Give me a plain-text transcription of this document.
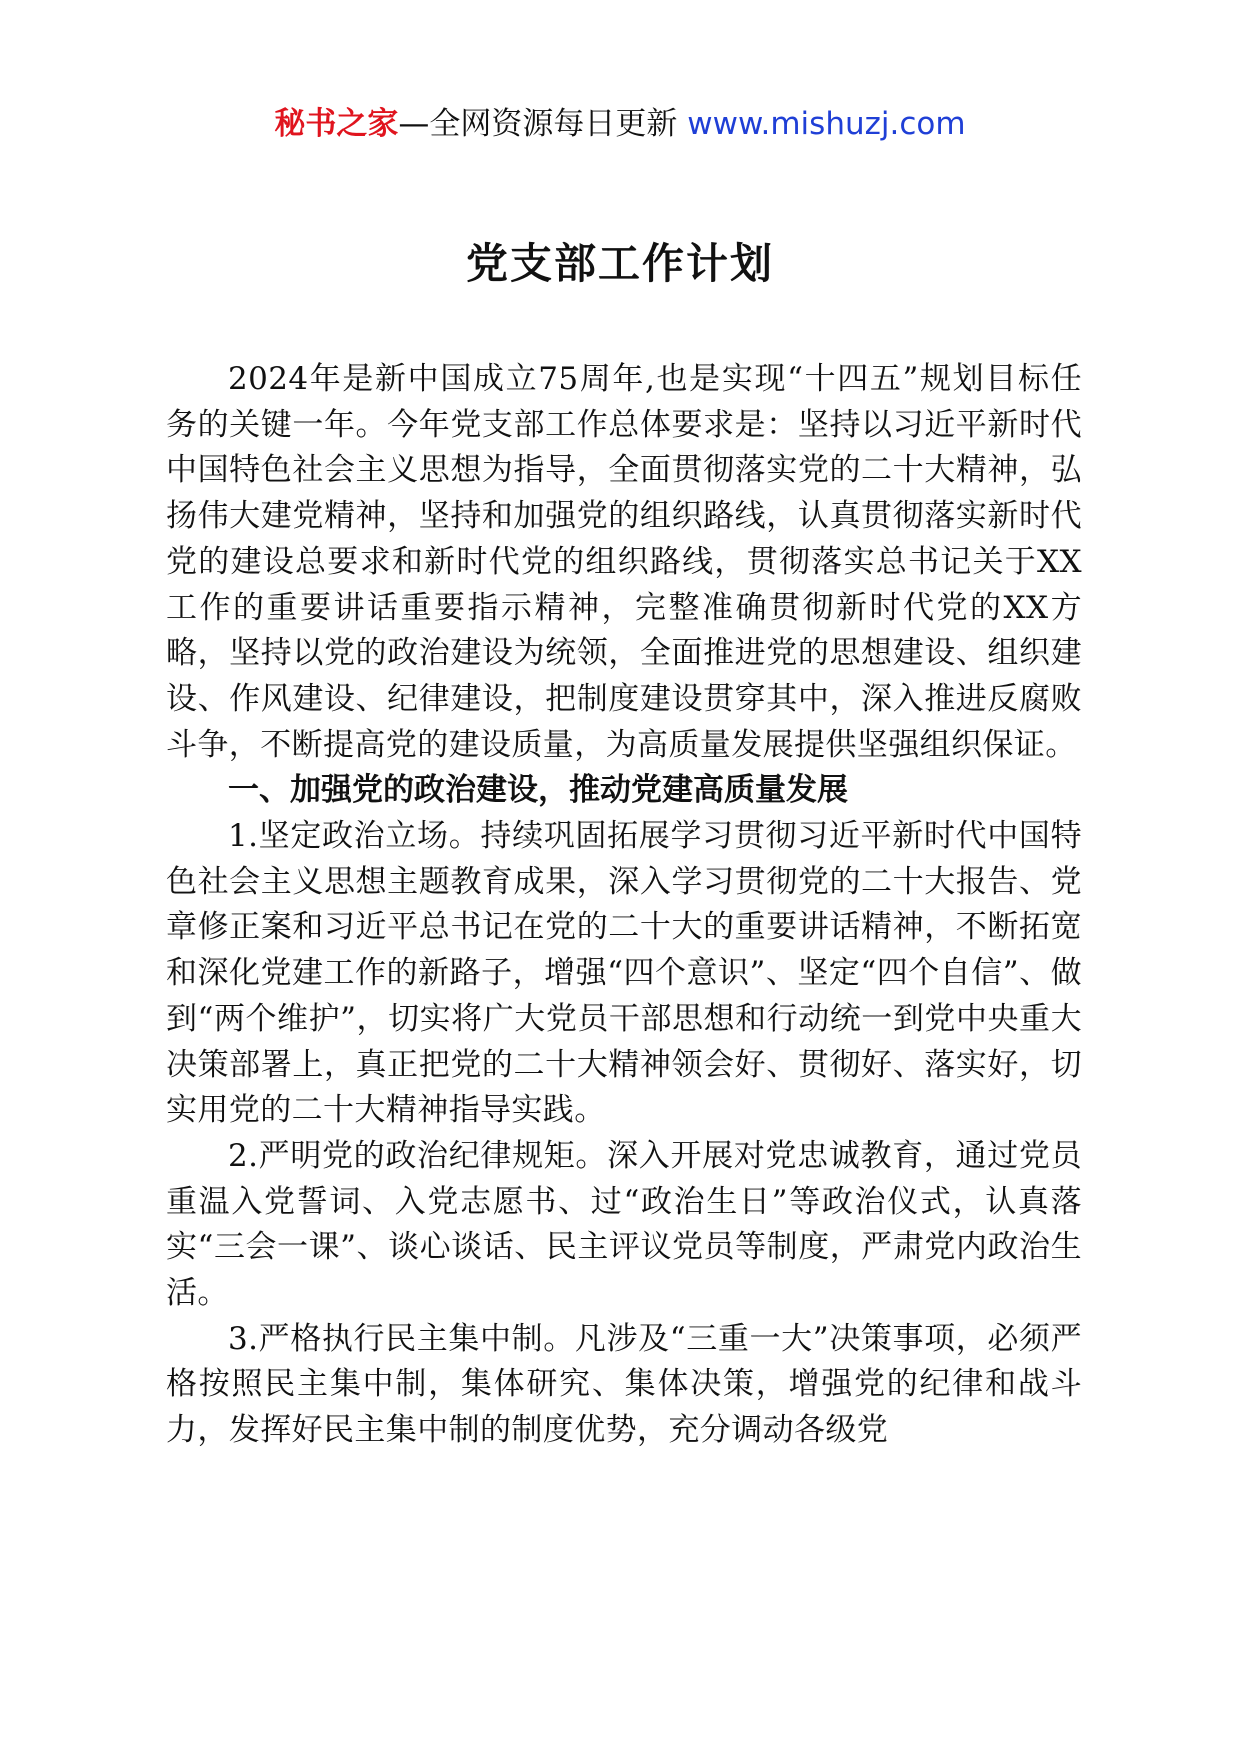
秘书之家—全网资源每日更新 www.mishuzj.com
党支部工作计划

2024年是新中国成立75周年,也是实现“十四五”规划目标任务的关键一年。今年党支部工作总体要求是：坚持以习近平新时代中国特色社会主义思想为指导，全面贯彻落实党的二十大精神，弘扬伟大建党精神，坚持和加强党的组织路线，认真贯彻落实新时代党的建设总要求和新时代党的组织路线，贯彻落实总书记关于XX工作的重要讲话重要指示精神，完整准确贯彻新时代党的XX方略，坚持以党的政治建设为统领，全面推进党的思想建设、组织建设、作风建设、纪律建设，把制度建设贯穿其中，深入推进反腐败斗争，不断提高党的建设质量，为高质量发展提供坚强组织保证。

一、加强党的政治建设，推动党建高质量发展

1.坚定政治立场。持续巩固拓展学习贯彻习近平新时代中国特色社会主义思想主题教育成果，深入学习贯彻党的二十大报告、党章修正案和习近平总书记在党的二十大的重要讲话精神，不断拓宽和深化党建工作的新路子，增强“四个意识”、坚定“四个自信”、做到“两个维护”，切实将广大党员干部思想和行动统一到党中央重大决策部署上，真正把党的二十大精神领会好、贯彻好、落实好，切实用党的二十大精神指导实践。

2.严明党的政治纪律规矩。深入开展对党忠诚教育，通过党员重温入党誓词、入党志愿书、过“政治生日”等政治仪式，认真落实“三会一课”、谈心谈话、民主评议党员等制度，严肃党内政治生活。

3.严格执行民主集中制。凡涉及“三重一大”决策事项，必须严格按照民主集中制，集体研究、集体决策，增强党的纪律和战斗力，发挥好民主集中制的制度优势，充分调动各级党
